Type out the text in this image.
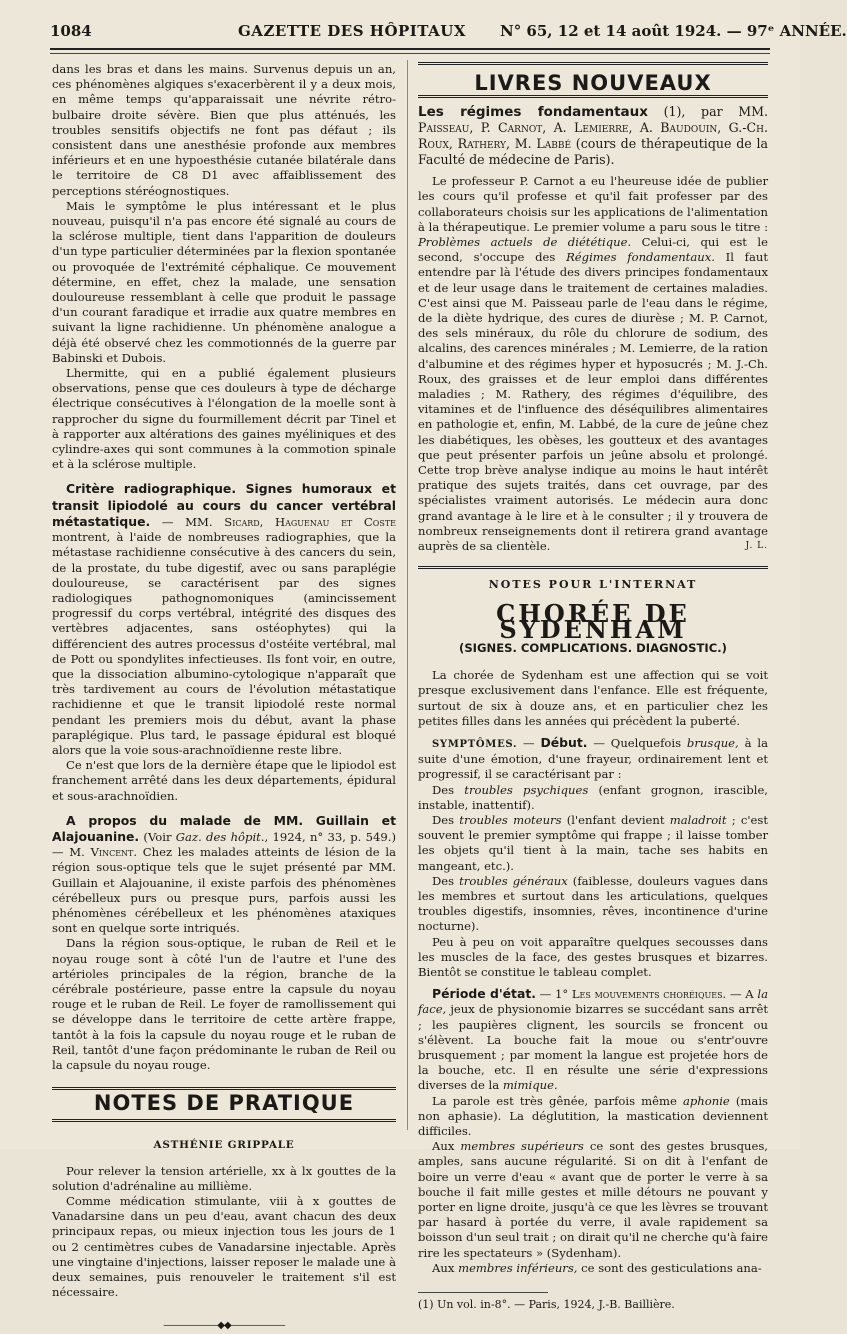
1084	GAZETTE DES HÔPITAUX N° 65, 12 et 14 août 1924. — 97ᵉ ANNÉE.

dans les bras et dans les mains. Survenus depuis un an, ces phénomènes algiques s'exacerbèrent il y a deux mois, en même temps qu'apparaissait une névrite rétro-bulbaire droite sévère. Bien que plus atténués, les troubles sensitifs objectifs ne font pas défaut ; ils consistent dans une anesthésie profonde aux membres inférieurs et en une hypoesthésie cutanée bilatérale dans le territoire de C8 D1 avec affaiblissement des perceptions stéréognostiques.

Mais le symptôme le plus intéressant et le plus nouveau, puisqu'il n'a pas encore été signalé au cours de la sclérose multiple, tient dans l'apparition de douleurs d'un type particulier déterminées par la flexion spontanée ou provoquée de l'extrémité céphalique. Ce mouvement détermine, en effet, chez la malade, une sensation douloureuse ressemblant à celle que produit le passage d'un courant faradique et irradie aux quatre membres en suivant la ligne rachidienne. Un phénomène analogue a déjà été observé chez les commotionnés de la guerre par Babinski et Dubois.

Lhermitte, qui en a publié également plusieurs observations, pense que ces douleurs à type de décharge électrique consécutives à l'élongation de la moelle sont à rapprocher du signe du fourmillement décrit par Tinel et à rapporter aux altérations des gaines myéliniques et des cylindre-axes qui sont communes à la commotion spinale et à la sclérose multiple.

Critère radiographique. Signes humoraux et transit lipiodolé au cours du cancer vertébral métastatique. — MM. Sicard, Haguenau et Coste montrent, à l'aide de nombreuses radiographies, que la métastase rachidienne consécutive à des cancers du sein, de la prostate, du tube digestif, avec ou sans paraplégie douloureuse, se caractérisent par des signes radiologiques pathognomoniques (amincissement progressif du corps vertébral, intégrité des disques des vertèbres adjacentes, sans ostéophytes) qui la différencient des autres processus d'ostéite vertébral, mal de Pott ou spondylites infectieuses. Ils font voir, en outre, que la dissociation albumino-cytologique n'apparaît que très tardivement au cours de l'évolution métastatique rachidienne et que le transit lipiodolé reste normal pendant les premiers mois du début, avant la phase paraplégique. Plus tard, le passage épidural est bloqué alors que la voie sous-arachnoïdienne reste libre.

Ce n'est que lors de la dernière étape que le lipiodol est franchement arrêté dans les deux départements, épidural et sous-arachnoïdien.

A propos du malade de MM. Guillain et Alajouanine. (Voir Gaz. des hôpit., 1924, n° 33, p. 549.) — M. Vincent. Chez les malades atteints de lésion de la région sous-optique tels que le sujet présenté par MM. Guillain et Alajouanine, il existe parfois des phénomènes cérébelleux purs ou presque purs, parfois aussi les phénomènes cérébelleux et les phénomènes ataxiques sont en quelque sorte intriqués.

Dans la région sous-optique, le ruban de Reil et le noyau rouge sont à côté l'un de l'autre et l'une des artérioles principales de la région, branche de la cérébrale postérieure, passe entre la capsule du noyau rouge et le ruban de Reil. Le foyer de ramollissement qui se développe dans le territoire de cette artère frappe, tantôt à la fois la capsule du noyau rouge et le ruban de Reil, tantôt d'une façon prédominante le ruban de Reil ou la capsule du noyau rouge.

NOTES DE PRATIQUE
ASTHÉNIE GRIPPALE

Pour relever la tension artérielle, xx à lx gouttes de la solution d'adrénaline au millième.

Comme médication stimulante, viii à x gouttes de Vanadarsine dans un peu d'eau, avant chacun des deux principaux repas, ou mieux injection tous les jours de 1 ou 2 centimètres cubes de Vanadarsine injectable. Après une vingtaine d'injections, laisser reposer le malade une à deux semaines, puis renouveler le traitement s'il est nécessaire.

——————◆◆——————
LIVRES NOUVEAUX

Les régimes fondamentaux (1), par MM. Paisseau, P. Carnot, A. Lemierre, A. Baudouin, G.-Ch. Roux, Rathery, M. Labbé (cours de thérapeutique de la Faculté de médecine de Paris).

Le professeur P. Carnot a eu l'heureuse idée de publier les cours qu'il professe et qu'il fait professer par des collaborateurs choisis sur les applications de l'alimentation à la thérapeutique. Le premier volume a paru sous le titre : Problèmes actuels de diététique. Celui-ci, qui est le second, s'occupe des Régimes fondamentaux. Il faut entendre par là l'étude des divers principes fondamentaux et de leur usage dans le traitement de certaines maladies. C'est ainsi que M. Paisseau parle de l'eau dans le régime, de la diète hydrique, des cures de diurèse ; M. P. Carnot, des sels minéraux, du rôle du chlorure de sodium, des alcalins, des carences minérales ; M. Lemierre, de la ration d'albumine et des régimes hyper et hyposucrés ; M. J.-Ch. Roux, des graisses et de leur emploi dans différentes maladies ; M. Rathery, des régimes d'équilibre, des vitamines et de l'influence des déséquilibres alimentaires en pathologie et, enfin, M. Labbé, de la cure de jeûne chez les diabétiques, les obèses, les goutteux et des avantages que peut présenter parfois un jeûne absolu et prolongé. Cette trop brève analyse indique au moins le haut intérêt pratique des sujets traités, dans cet ouvrage, par des spécialistes vraiment autorisés. Le médecin aura donc grand avantage à le lire et à le consulter ; il y trouvera de nombreux renseignements dont il retirera grand avantage auprès de sa clientèle.	J. L.

NOTES POUR L'INTERNAT
CHORÉE DE SYDENHAM
(SIGNES. COMPLICATIONS. DIAGNOSTIC.)

La chorée de Sydenham est une affection qui se voit presque exclusivement dans l'enfance. Elle est fréquente, surtout de six à douze ans, et en particulier chez les petites filles dans les années qui précèdent la puberté.

SYMPTÔMES. — Début. — Quelquefois brusque, à la suite d'une émotion, d'une frayeur, ordinairement lent et progressif, il se caractérisant par :

Des troubles psychiques (enfant grognon, irascible, instable, inattentif).

Des troubles moteurs (l'enfant devient maladroit ; c'est souvent le premier symptôme qui frappe ; il laisse tomber les objets qu'il tient à la main, tache ses habits en mangeant, etc.).

Des troubles généraux (faiblesse, douleurs vagues dans les membres et surtout dans les articulations, quelques troubles digestifs, insomnies, rêves, incontinence d'urine nocturne).

Peu à peu on voit apparaître quelques secousses dans les muscles de la face, des gestes brusques et bizarres. Bientôt se constitue le tableau complet.

Période d'état. — 1° Les mouvements choréiques. — A la face, jeux de physionomie bizarres se succédant sans arrêt ; les paupières clignent, les sourcils se froncent ou s'élèvent. La bouche fait la moue ou s'entr'ouvre brusquement ; par moment la langue est projetée hors de la bouche, etc. Il en résulte une série d'expressions diverses de la mimique.

La parole est très gênée, parfois même aphonie (mais non aphasie). La déglutition, la mastication deviennent difficiles.

Aux membres supérieurs ce sont des gestes brusques, amples, sans aucune régularité. Si on dit à l'enfant de boire un verre d'eau « avant que de porter le verre à sa bouche il fait mille gestes et mille détours ne pouvant y porter en ligne droite, jusqu'à ce que les lèvres se trouvant par hasard à portée du verre, il avale rapidement sa boisson d'un seul trait ; on dirait qu'il ne cherche qu'à faire rire les spectateurs » (Sydenham).

Aux membres inférieurs, ce sont des gesticulations ana-

(1) Un vol. in-8°. — Paris, 1924, J.-B. Baillière.
